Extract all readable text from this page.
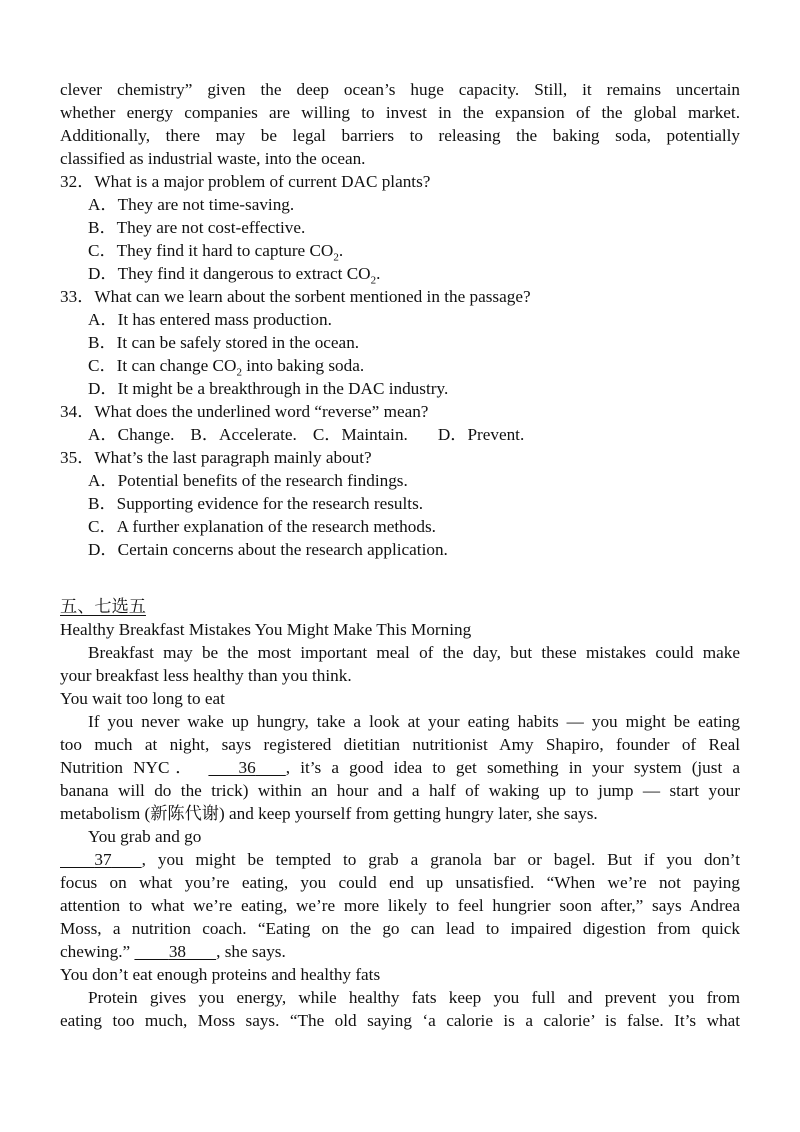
clever chemistry” given the deep ocean’s huge capacity. Still, it remains uncertain
whether energy companies are willing to invest in the expansion of the global market.
Additionally, there may be legal barriers to releasing the baking soda, potentially
classified as industrial waste, into the ocean.
32．What is a major problem of current DAC plants?
A．They are not time-saving.
B．They are not cost-effective.
C．They find it hard to capture $CO_2$.
D．They find it dangerous to extract $CO_2$.
33．What can we learn about the sorbent mentioned in the passage?
A．It has entered mass production.
B．It can be safely stored in the ocean.
C．It can change $CO_2$ into baking soda.
D．It might be a breakthrough in the DAC industry.
34．What does the underlined word “reverse” mean?
A．Change. B．Accelerate. C．Maintain. D．Prevent.
35．What’s the last paragraph mainly about?
A．Potential benefits of the research findings.
B．Supporting evidence for the research results.
C．A further explanation of the research methods.
D．Certain concerns about the research application.
五、七选五
Healthy Breakfast Mistakes You Might Make This Morning
Breakfast may be the most important meal of the day, but these mistakes could make
your breakfast less healthy than you think.
You wait too long to eat
If you never wake up hungry, take a look at your eating habits — you might be eating
too much at night, says registered dietitian nutritionist Amy Shapiro, founder of Real
Nutrition NYC． 36 , it’s a good idea to get something in your system (just a
banana will do the trick) within an hour and a half of waking up to jump — start your
metabolism (新陈代谢) and keep yourself from getting hungry later, she says.
You grab and go
37 , you might be tempted to grab a granola bar or bagel. But if you don’t
focus on what you’re eating, you could end up unsatisfied. “When we’re not paying
attention to what we’re eating, we’re more likely to feel hungrier soon after,” says Andrea
Moss, a nutrition coach. “Eating on the go can lead to impaired digestion from quick
chewing.” 38 , she says.
You don’t eat enough proteins and healthy fats
Protein gives you energy, while healthy fats keep you full and prevent you from
eating too much, Moss says. “The old saying ‘a calorie is a calorie’ is false. It’s what
